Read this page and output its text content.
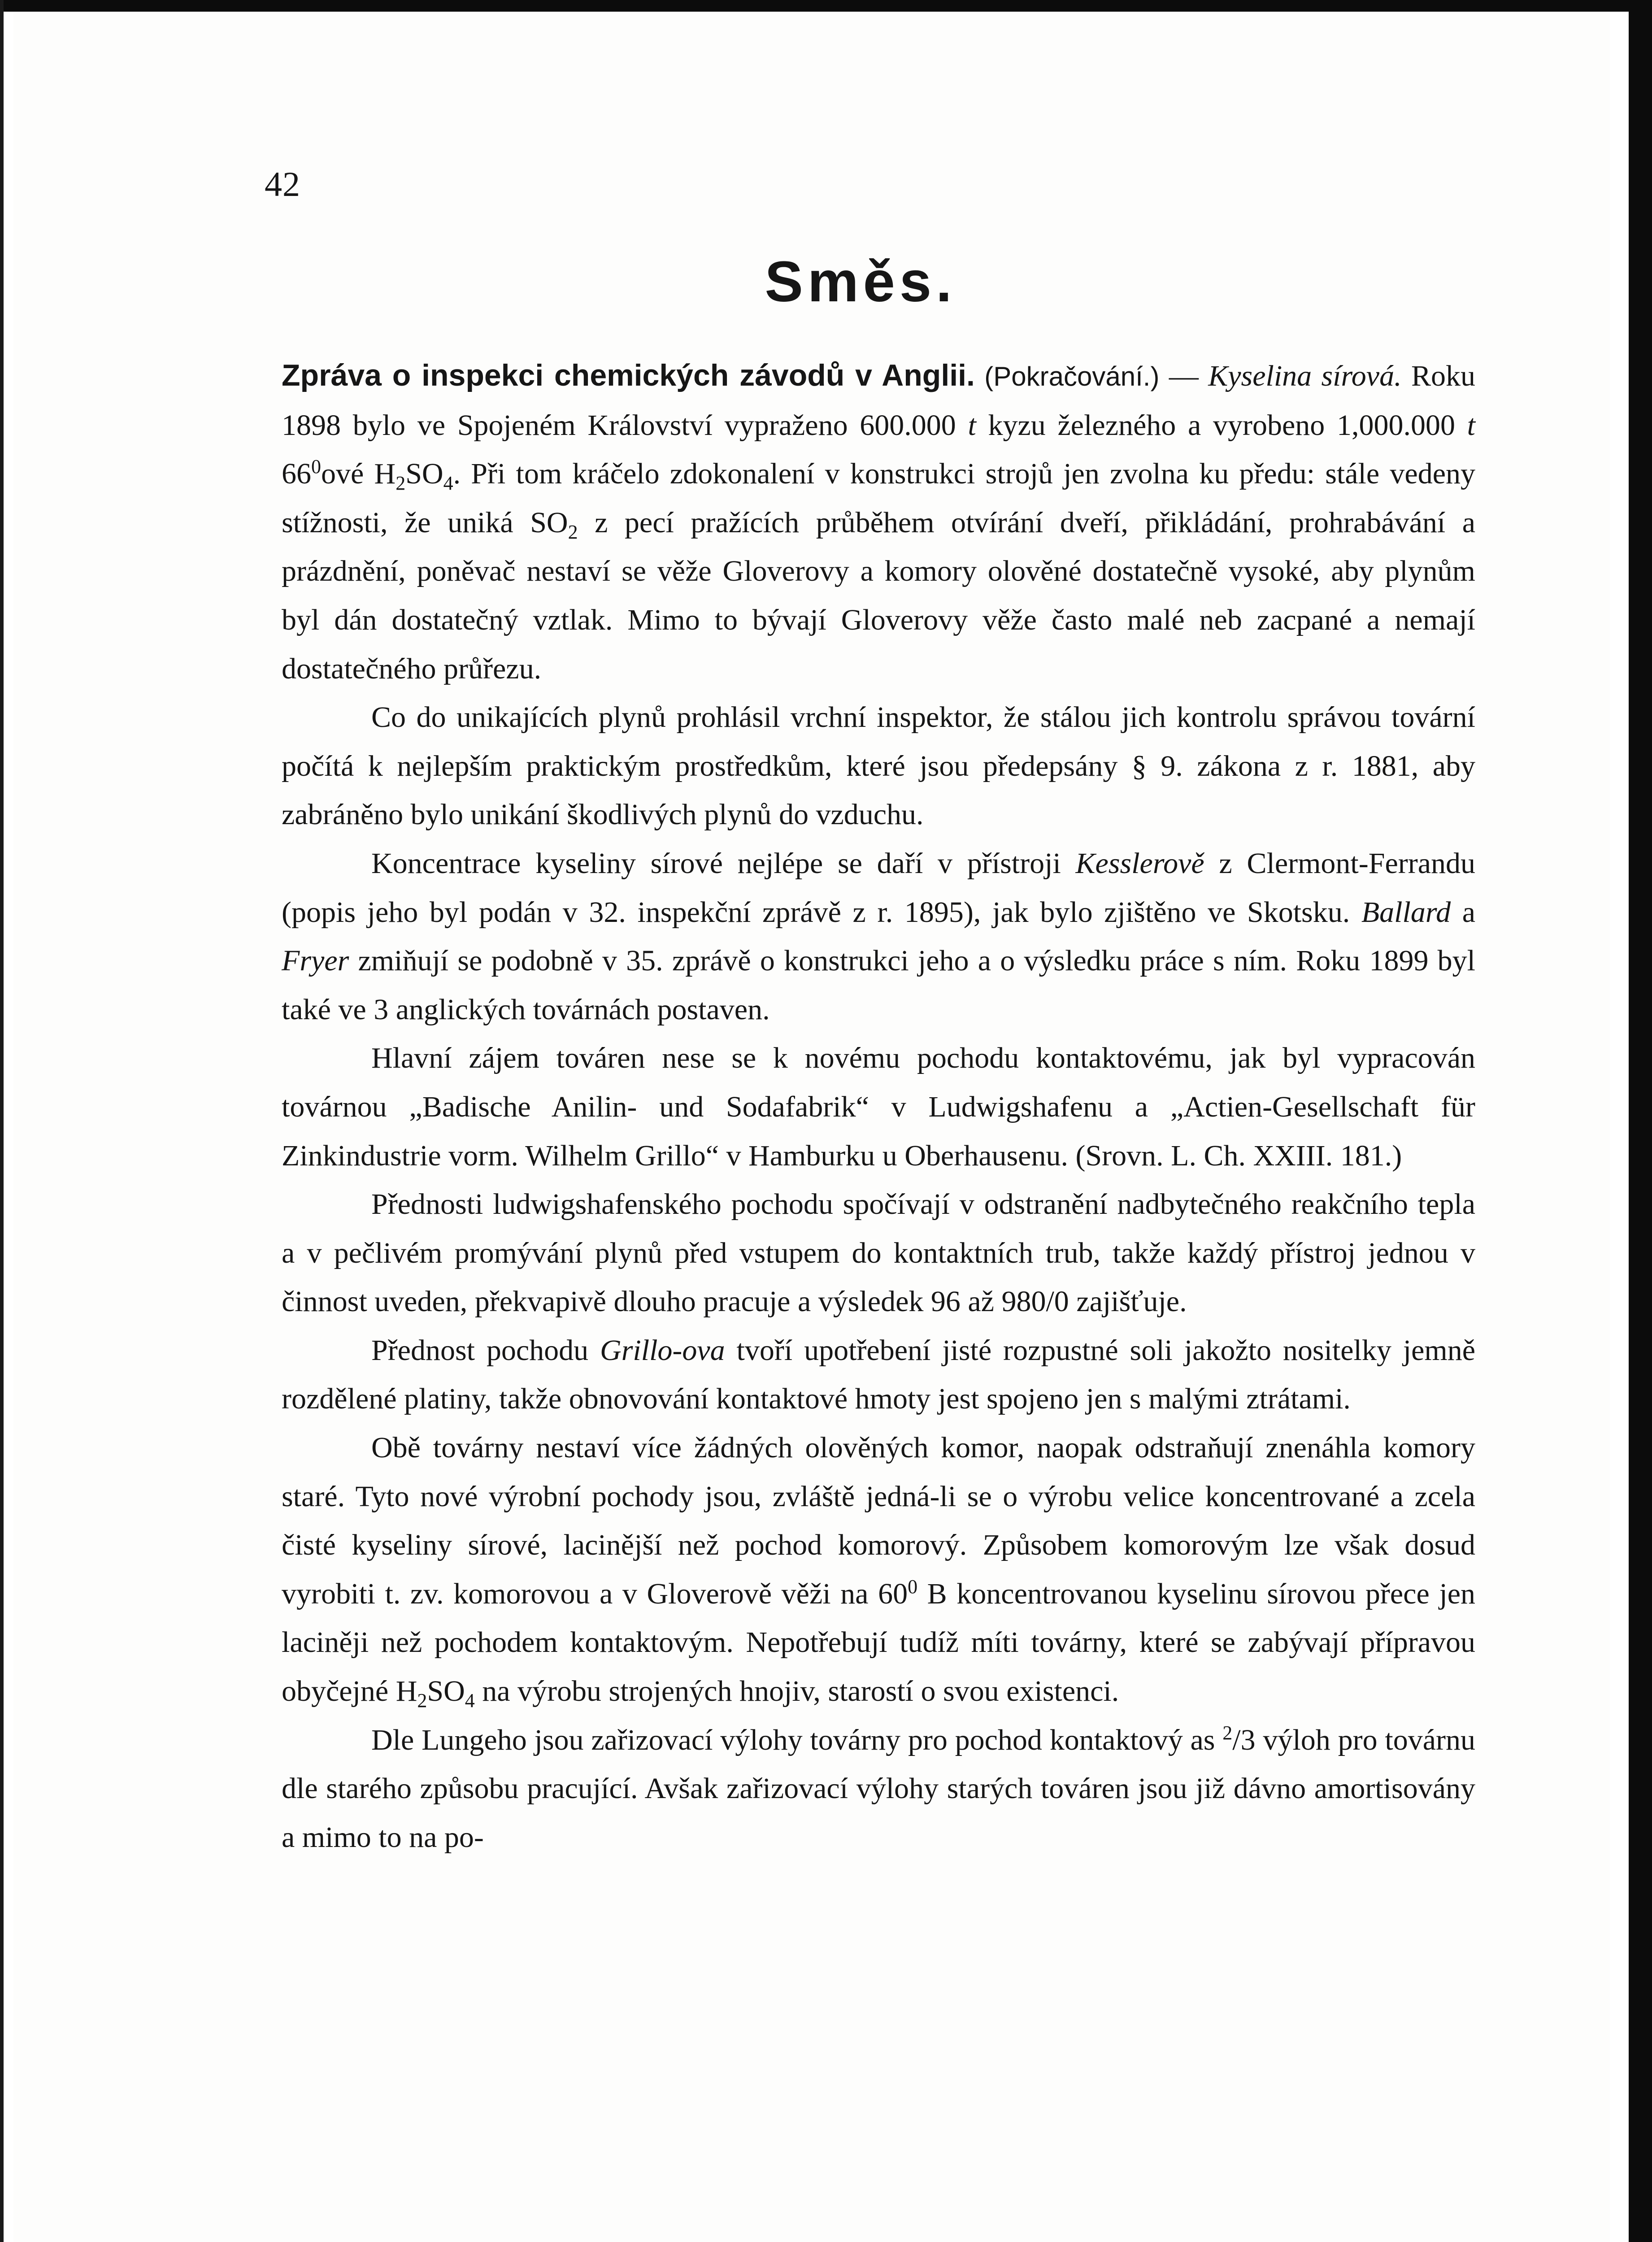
42
Směs.

Zpráva o inspekci chemických závodů v Anglii. (Pokračování.) — Kyselina sírová. Roku 1898 bylo ve Spojeném Království vypraženo 600.000 t kyzu železného a vyrobeno 1,000.000 t $66^0ové$ $H_2SO_4$. Při tom kráčelo zdokonalení v konstrukci strojů jen zvolna ku předu: stále vedeny stížnosti, že uniká $SO_2$ z pecí pražících průběhem otvírání dveří, přikládání, prohrabávání a prázdnění, poněvač nestaví se věže Gloverovy a komory olověné dostatečně vysoké, aby plynům byl dán dostatečný vztlak. Mimo to bývají Gloverovy věže často malé neb zacpané a nemají dostatečného průřezu.

Co do unikajících plynů prohlásil vrchní inspektor, že stálou jich kontrolu správou tovární počítá k nejlepším praktickým prostředkům, které jsou předepsány § 9. zákona z r. 1881, aby zabráněno bylo unikání škodlivých plynů do vzduchu.

Koncentrace kyseliny sírové nejlépe se daří v přístroji Kesslerově z Clermont-Ferrandu (popis jeho byl podán v 32. inspekční zprávě z r. 1895), jak bylo zjištěno ve Skotsku. Ballard a Fryer zmiňují se podobně v 35. zprávě o konstrukci jeho a o výsledku práce s ním. Roku 1899 byl také ve 3 anglických továrnách postaven.

Hlavní zájem továren nese se k novému pochodu kontaktovému, jak byl vypracován továrnou „Badische Anilin- und Sodafabrik“ v Ludwigshafenu a „Actien-Gesellschaft für Zinkindustrie vorm. Wilhelm Grillo“ v Hamburku u Oberhausenu. (Srovn. L. Ch. XXIII. 181.)

Přednosti ludwigshafenského pochodu spočívají v odstranění nadbytečného reakčního tepla a v pečlivém promývání plynů před vstupem do kontaktních trub, takže každý přístroj jednou v činnost uveden, překvapivě dlouho pracuje a výsledek 96 až 980/0 zajišťuje.

Přednost pochodu Grillo-ova tvoří upotřebení jisté rozpustné soli jakožto nositelky jemně rozdělené platiny, takže obnovování kontaktové hmoty jest spojeno jen s malými ztrátami.

Obě továrny nestaví více žádných olověných komor, naopak odstraňují znenáhla komory staré. Tyto nové výrobní pochody jsou, zvláště jedná-li se o výrobu velice koncentrované a zcela čisté kyseliny sírové, lacinější než pochod komorový. Způsobem komorovým lze však dosud vyrobiti t. zv. komorovou a v Gloverově věži na $60^0$ B koncentrovanou kyselinu sírovou přece jen laciněji než pochodem kontaktovým. Nepotřebují tudíž míti továrny, které se zabývají přípravou obyčejné $H_2SO_4$ na výrobu strojených hnojiv, starostí o svou existenci.

Dle Lungeho jsou zařizovací výlohy továrny pro pochod kontaktový as $^2$/3 výloh pro továrnu dle starého způsobu pracující. Avšak zařizovací výlohy starých továren jsou již dávno amortisovány a mimo to na po-
